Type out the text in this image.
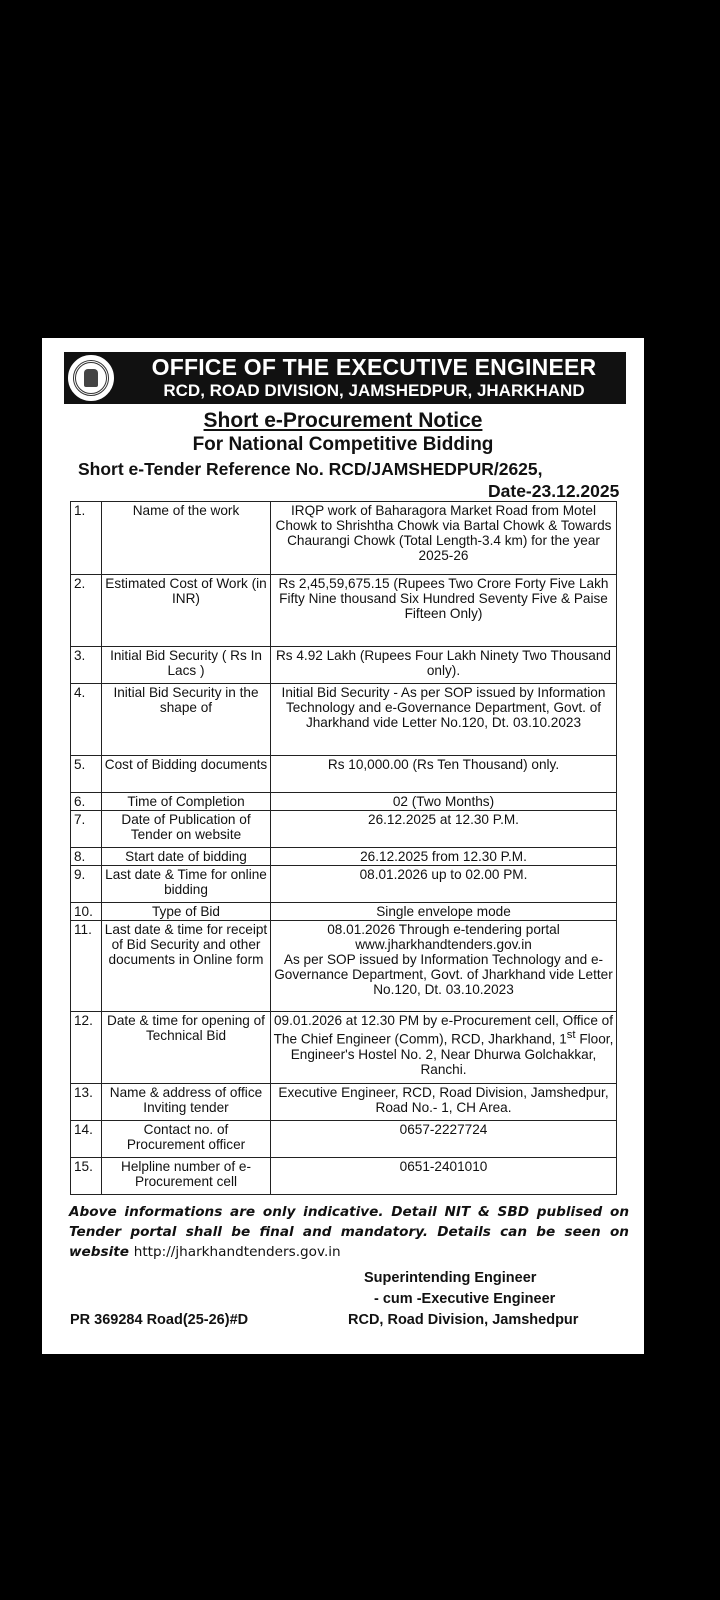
OFFICE OF THE EXECUTIVE ENGINEER
RCD, ROAD DIVISION, JAMSHEDPUR, JHARKHAND
Short e-Procurement Notice
For National Competitive Bidding
Short e-Tender Reference No. RCD/JAMSHEDPUR/2625,
Date-23.12.2025
1.	Name of the work	IRQP work of Baharagora Market Road from Motel Chowk to Shrishtha Chowk via Bartal Chowk & Towards Chaurangi Chowk (Total Length-3.4 km) for the year 2025-26
2.	Estimated Cost of Work (in INR)	Rs 2,45,59,675.15 (Rupees Two Crore Forty Five Lakh Fifty Nine thousand Six Hundred Seventy Five & Paise Fifteen Only)
3.	Initial Bid Security ( Rs In Lacs )	Rs 4.92 Lakh (Rupees Four Lakh Ninety Two Thousand only).
4.	Initial Bid Security in the shape of	Initial Bid Security - As per SOP issued by Information Technology and e-Governance Department, Govt. of Jharkhand vide Letter No.120, Dt. 03.10.2023
5.	Cost of Bidding documents	Rs 10,000.00 (Rs Ten Thousand) only.
6.	Time of Completion	02 (Two Months)
7.	Date of Publication of Tender on website	26.12.2025 at 12.30 P.M.
8.	Start date of bidding	26.12.2025 from 12.30 P.M.
9.	Last date & Time for online bidding	08.01.2026 up to 02.00 PM.
10.	Type of Bid	Single envelope mode
11.	Last date & time for receipt of Bid Security and other documents in Online form	08.01.2026 Through e-tendering portal www.jharkhandtenders.gov.in
As per SOP issued by Information Technology and e-Governance Department, Govt. of Jharkhand vide Letter No.120, Dt. 03.10.2023

12.	Date & time for opening of Technical Bid	09.01.2026 at 12.30 PM by e-Procurement cell, Office of The Chief Engineer (Comm), RCD, Jharkhand, 1st Floor, Engineer's Hostel No. 2, Near Dhurwa Golchakkar, Ranchi.
13.	Name & address of office Inviting tender	Executive Engineer, RCD, Road Division, Jamshedpur, Road No.- 1, CH Area.
14.	Contact no. of Procurement officer	0657-2227724
15.	Helpline number of e-Procurement cell	0651-2401010
Above informations are only indicative. Detail NIT & SBD publised on Tender portal shall be final and mandatory. Details can be seen on website http://jharkhandtenders.gov.in
Superintending Engineer
- cum -Executive Engineer
RCD, Road Division, Jamshedpur
PR 369284 Road(25-26)#D
